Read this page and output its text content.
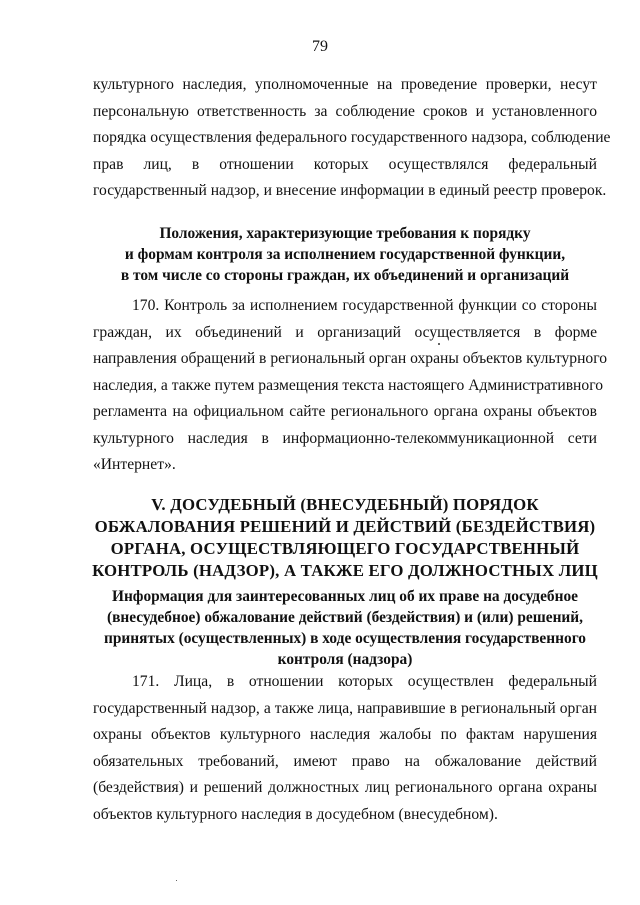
79
культурного наследия, уполномоченные на проведение проверки, несут
персональную ответственность за соблюдение сроков и установленного
порядка осуществления федерального государственного надзора, соблюдение
прав лиц, в отношении которых осуществлялся федеральный
государственный надзор, и внесение информации в единый реестр проверок.
Положения, характеризующие требования к порядку
и формам контроля за исполнением государственной функции,
в том числе со стороны граждан, их объединений и организаций
170. Контроль за исполнением государственной функции со стороны
граждан, их объединений и организаций осуществляется в форме
направления обращений в региональный орган охраны объектов культурного
наследия, а также путем размещения текста настоящего Административного
регламента на официальном сайте регионального органа охраны объектов
культурного наследия в информационно-телекоммуникационной сети
«Интернет».
V. ДОСУДЕБНЫЙ (ВНЕСУДЕБНЫЙ) ПОРЯДОК
ОБЖАЛОВАНИЯ РЕШЕНИЙ И ДЕЙСТВИЙ (БЕЗДЕЙСТВИЯ)
ОРГАНА, ОСУЩЕСТВЛЯЮЩЕГО ГОСУДАРСТВЕННЫЙ
КОНТРОЛЬ (НАДЗОР), А ТАКЖЕ ЕГО ДОЛЖНОСТНЫХ ЛИЦ
Информация для заинтересованных лиц об их праве на досудебное
(внесудебное) обжалование действий (бездействия) и (или) решений,
принятых (осуществленных) в ходе осуществления государственного
контроля (надзора)
171. Лица, в отношении которых осуществлен федеральный
государственный надзор, а также лица, направившие в региональный орган
охраны объектов культурного наследия жалобы по фактам нарушения
обязательных требований, имеют право на обжалование действий
(бездействия) и решений должностных лиц регионального органа охраны
объектов культурного наследия в досудебном (внесудебном).
